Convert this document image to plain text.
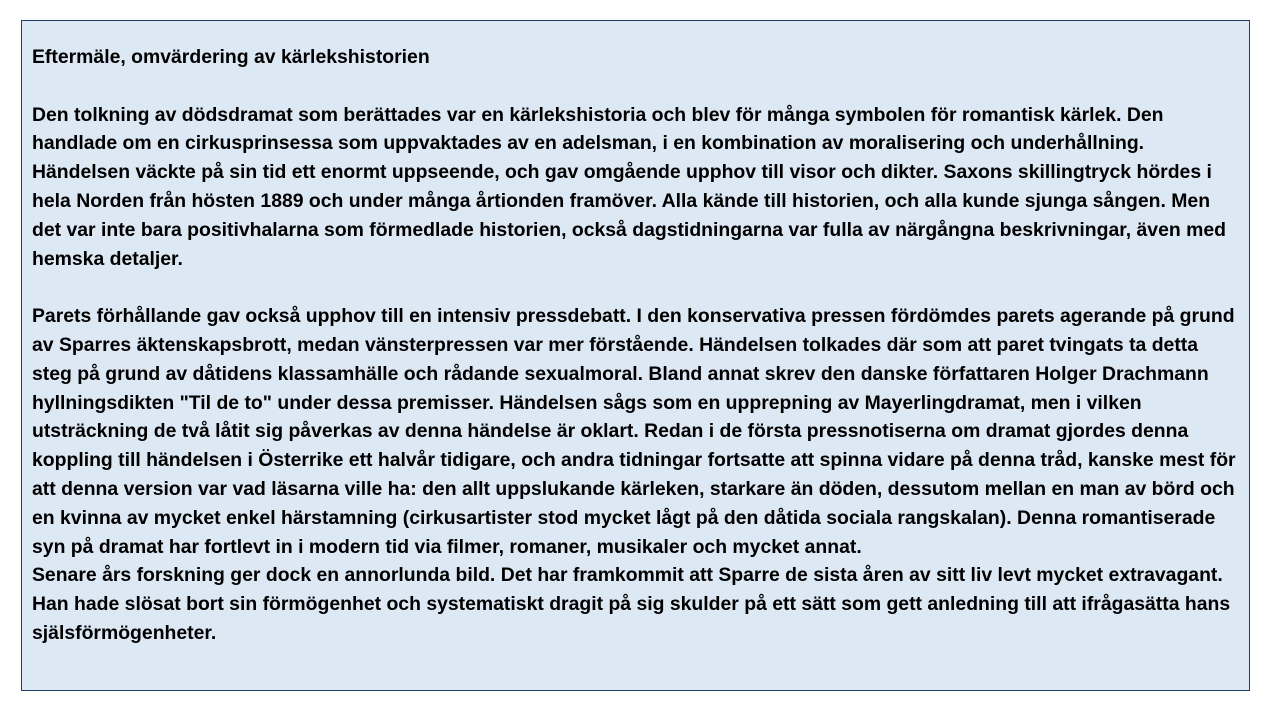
Eftermäle, omvärdering av kärlekshistorien

Den tolkning av dödsdramat som berättades var en kärlekshistoria och blev för många symbolen för romantisk kärlek. Den handlade om en cirkusprinsessa som uppvaktades av en adelsman, i en kombination av moralisering och underhållning. Händelsen väckte på sin tid ett enormt uppseende, och gav omgående upphov till visor och dikter. Saxons skillingtryck hördes i hela Norden från hösten 1889 och under många årtionden framöver. Alla kände till historien, och alla kunde sjunga sången. Men det var inte bara positivhalarna som förmedlade historien, också dagstidningarna var fulla av närgångna beskrivningar, även med hemska detaljer.

Parets förhållande gav också upphov till en intensiv pressdebatt. I den konservativa pressen fördömdes parets agerande på grund av Sparres äktenskapsbrott, medan vänsterpressen var mer förstående. Händelsen tolkades där som att paret tvingats ta detta steg på grund av dåtidens klassamhälle och rådande sexualmoral. Bland annat skrev den danske författaren Holger Drachmann hyllningsdikten "Til de to" under dessa premisser. Händelsen sågs som en upprepning av Mayerlingdramat, men i vilken utsträckning de två låtit sig påverkas av denna händelse är oklart. Redan i de första pressnotiserna om dramat gjordes denna koppling till händelsen i Österrike ett halvår tidigare, och andra tidningar fortsatte att spinna vidare på denna tråd, kanske mest för att denna version var vad läsarna ville ha: den allt uppslukande kärleken, starkare än döden, dessutom mellan en man av börd och en kvinna av mycket enkel härstamning (cirkusartister stod mycket lågt på den dåtida sociala rangskalan). Denna romantiserade syn på dramat har fortlevt in i modern tid via filmer, romaner, musikaler och mycket annat.

Senare års forskning ger dock en annorlunda bild. Det har framkommit att Sparre de sista åren av sitt liv levt mycket extravagant. Han hade slösat bort sin förmögenhet och systematiskt dragit på sig skulder på ett sätt som gett anledning till att ifrågasätta hans själsförmögenheter.
